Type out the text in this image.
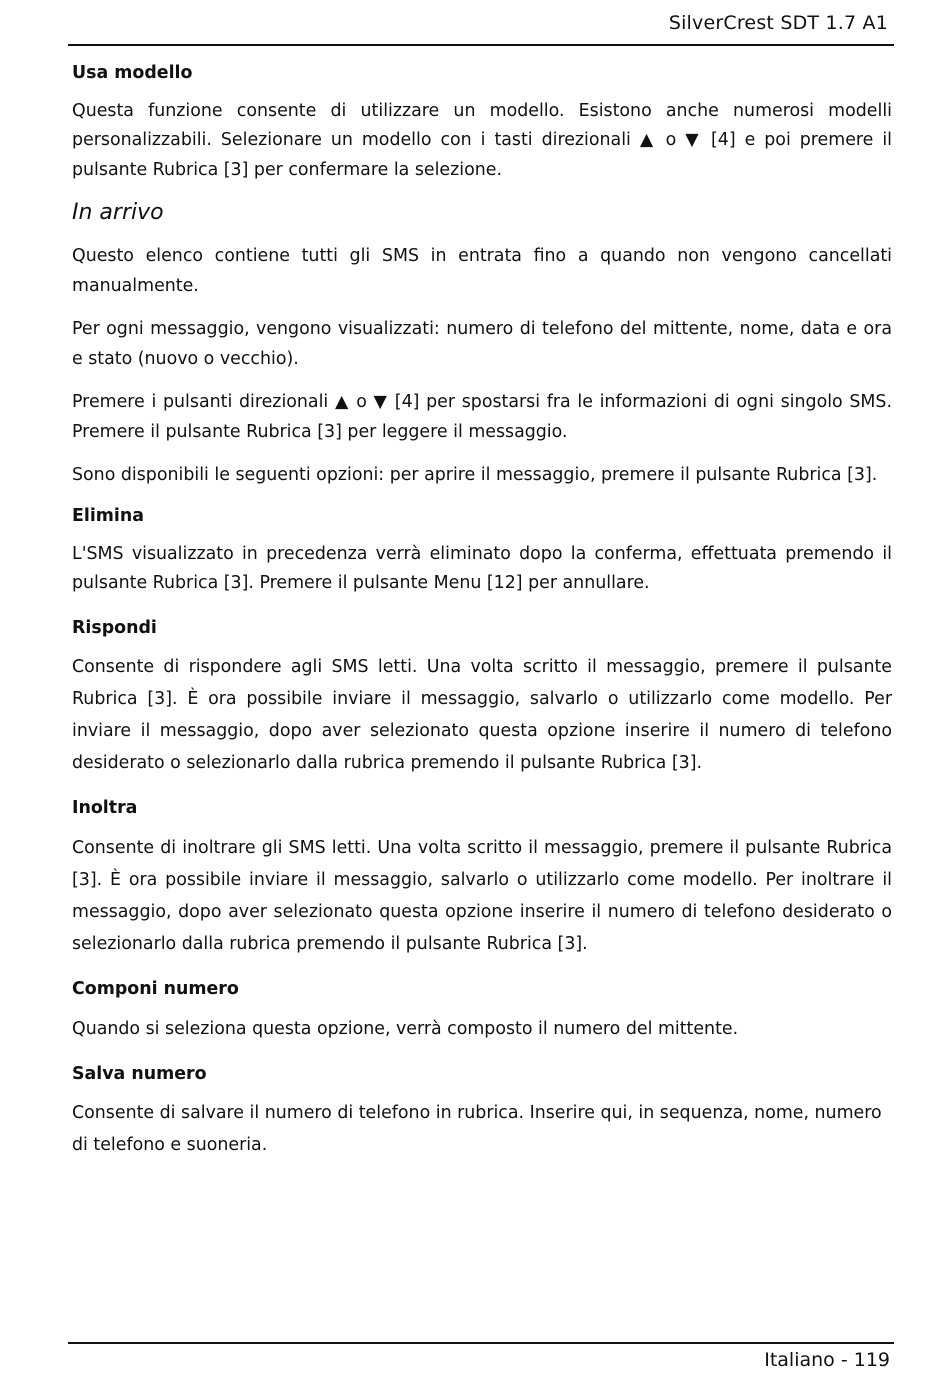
SilverCrest SDT 1.7 A1
Usa modello

Questa funzione consente di utilizzare un modello. Esistono anche numerosi modelli personalizzabili. Selezionare un modello con i tasti direzionali ▲ o ▼ [4] e poi premere il pulsante Rubrica [3] per confermare la selezione.

In arrivo

Questo elenco contiene tutti gli SMS in entrata fino a quando non vengono cancellati manualmente.

Per ogni messaggio, vengono visualizzati: numero di telefono del mittente, nome, data e ora e stato (nuovo o vecchio).

Premere i pulsanti direzionali ▲ o ▼ [4] per spostarsi fra le informazioni di ogni singolo SMS. Premere il pulsante Rubrica [3] per leggere il messaggio.

Sono disponibili le seguenti opzioni: per aprire il messaggio, premere il pulsante Rubrica [3].

Elimina

L'SMS visualizzato in precedenza verrà eliminato dopo la conferma, effettuata premendo il pulsante Rubrica [3]. Premere il pulsante Menu [12] per annullare.

Rispondi

Consente di rispondere agli SMS letti. Una volta scritto il messaggio, premere il pulsante Rubrica [3]. È ora possibile inviare il messaggio, salvarlo o utilizzarlo come modello. Per inviare il messaggio, dopo aver selezionato questa opzione inserire il numero di telefono desiderato o selezionarlo dalla rubrica premendo il pulsante Rubrica [3].

Inoltra

Consente di inoltrare gli SMS letti. Una volta scritto il messaggio, premere il pulsante Rubrica [3]. È ora possibile inviare il messaggio, salvarlo o utilizzarlo come modello. Per inoltrare il messaggio, dopo aver selezionato questa opzione inserire il numero di telefono desiderato o selezionarlo dalla rubrica premendo il pulsante Rubrica [3].

Componi numero

Quando si seleziona questa opzione, verrà composto il numero del mittente.

Salva numero

Consente di salvare il numero di telefono in rubrica. Inserire qui, in sequenza, nome, numero di telefono e suoneria.

Italiano - 119
